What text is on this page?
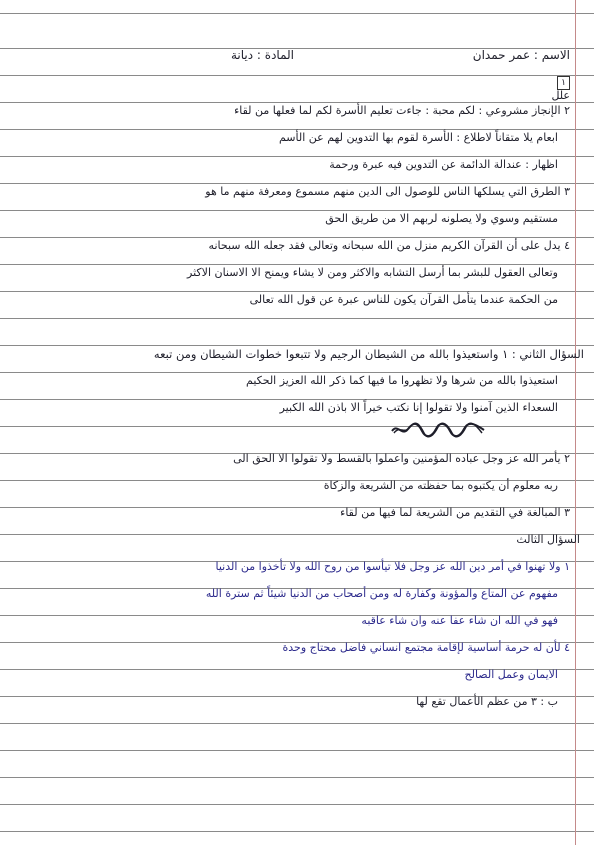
الاسم : عمر حمدان
المادة : ديانة
١
علل
٢ الإنجاز مشروعي : لكم محبة : جاءت تعليم الأسرة لكم لما فعلها من لقاء
ابعام يلا متقاناً لاطلاع : الأسرة لقوم بها التدوين لهم عن الأسم
اظهار : عندالة الدائمة عن التدوين فيه عبرة ورحمة
٣ الطرق التي يسلكها الناس للوصول الى الدين منهم مسموع ومعرفة منهم ما هو
مستقيم وسوي ولا يصلونه لربهم الا من طريق الحق
٤ يدل على أن القرآن الكريم منزل من الله سبحانه وتعالى فقد جعله الله سبحانه
وتعالى العقول للبشر بما أرسل التشابه والاكثر ومن لا يشاء ويمنح الا الاسنان الاكثر
من الحكمة عندما يتأمل القرآن يكون للناس عبرة عن قول الله تعالى
السؤال الثاني : ١ واستعيذوا بالله من الشيطان الرجيم ولا تتبعوا خطوات الشيطان ومن تبعه
استعيذوا بالله من شرها ولا تظهروا ما فيها كما ذكر الله العزيز الحكيم
السعداء الذين آمنوا ولا تقولوا إنا نكتب خيراً الا باذن الله الكبير
٢ يأمر الله عز وجل عباده المؤمنين واعملوا بالقسط ولا تقولوا الا الحق الى
ربه معلوم أن يكتبوه بما حفظته من الشريعة والزكاة
٣ المبالغة في التقديم من الشريعة لما فيها من لقاء
السؤال الثالث
١ ولا تهنوا في أمر دين الله عز وجل فلا تيأسوا من روح الله ولا تأخذوا من الدنيا
مفهوم عن المتاع والمؤونة وكفارة له ومن أصحاب من الدنيا شيئاً ثم سترة الله
فهو في الله ان شاء عفا عنه وان شاء عاقبه
٤ لأن له حرمة أساسية لإقامة مجتمع انساني فاضل محتاج وحدة
الايمان وعمل الصالح
ب : ٣ من عظم الأعمال تقع لها
